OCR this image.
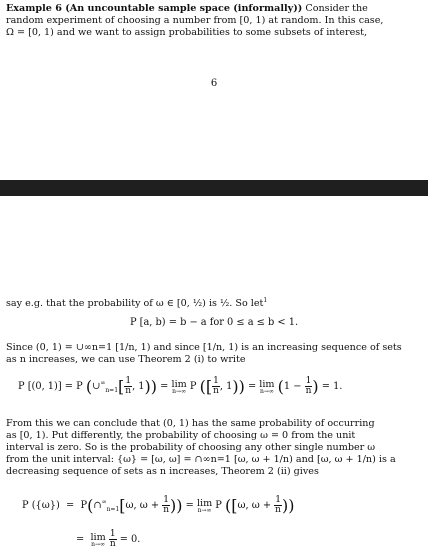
Example 6 (An uncountable sample space (informally)) Consider the
random experiment of choosing a number from [0, 1) at random. In this case,
Ω = [0, 1) and we want to assign probabilities to some subsets of interest,
6
say e.g. that the probability of ω ∈ [0, ½) is ½. So let$^1$
P [a, b) = b − a for 0 ≤ a ≤ b < 1.
Since (0, 1) = ∪∞n=1 [1/n, 1) and since [1/n, 1) is an increasing sequence of sets
as n increases, we can use Theorem 2 (i) to write
P [(0, 1)] = P ($\cup^\infty_{n=1}[ \frac{1}{n}$ , 1)) = lim
n→∞ P ([ $\frac{1}{n}$ , 1)) = lim
n→∞ ($1 - \frac{1}{n}$ ) = 1.
From this we can conclude that (0, 1) has the same probability of occurring
as [0, 1). Put differently, the probability of choosing ω = 0 from the unit
interval is zero. So is the probability of choosing any other single number ω
from the unit interval: {ω} = [ω, ω] = ∩∞n=1 [ω, ω + 1/n) and [ω, ω + 1/n) is a
decreasing sequence of sets as n increases, Theorem 2 (ii) gives
P $(\{\omega\}) = P(\cap^\infty_{n=1}[\omega$, $\omega + \frac{1}{n}$ )) = lim
n→∞ P ([ω, $\omega + \frac{1}{n}$ ))
= lim
n→∞
$\frac{1}{n} = 0$.
